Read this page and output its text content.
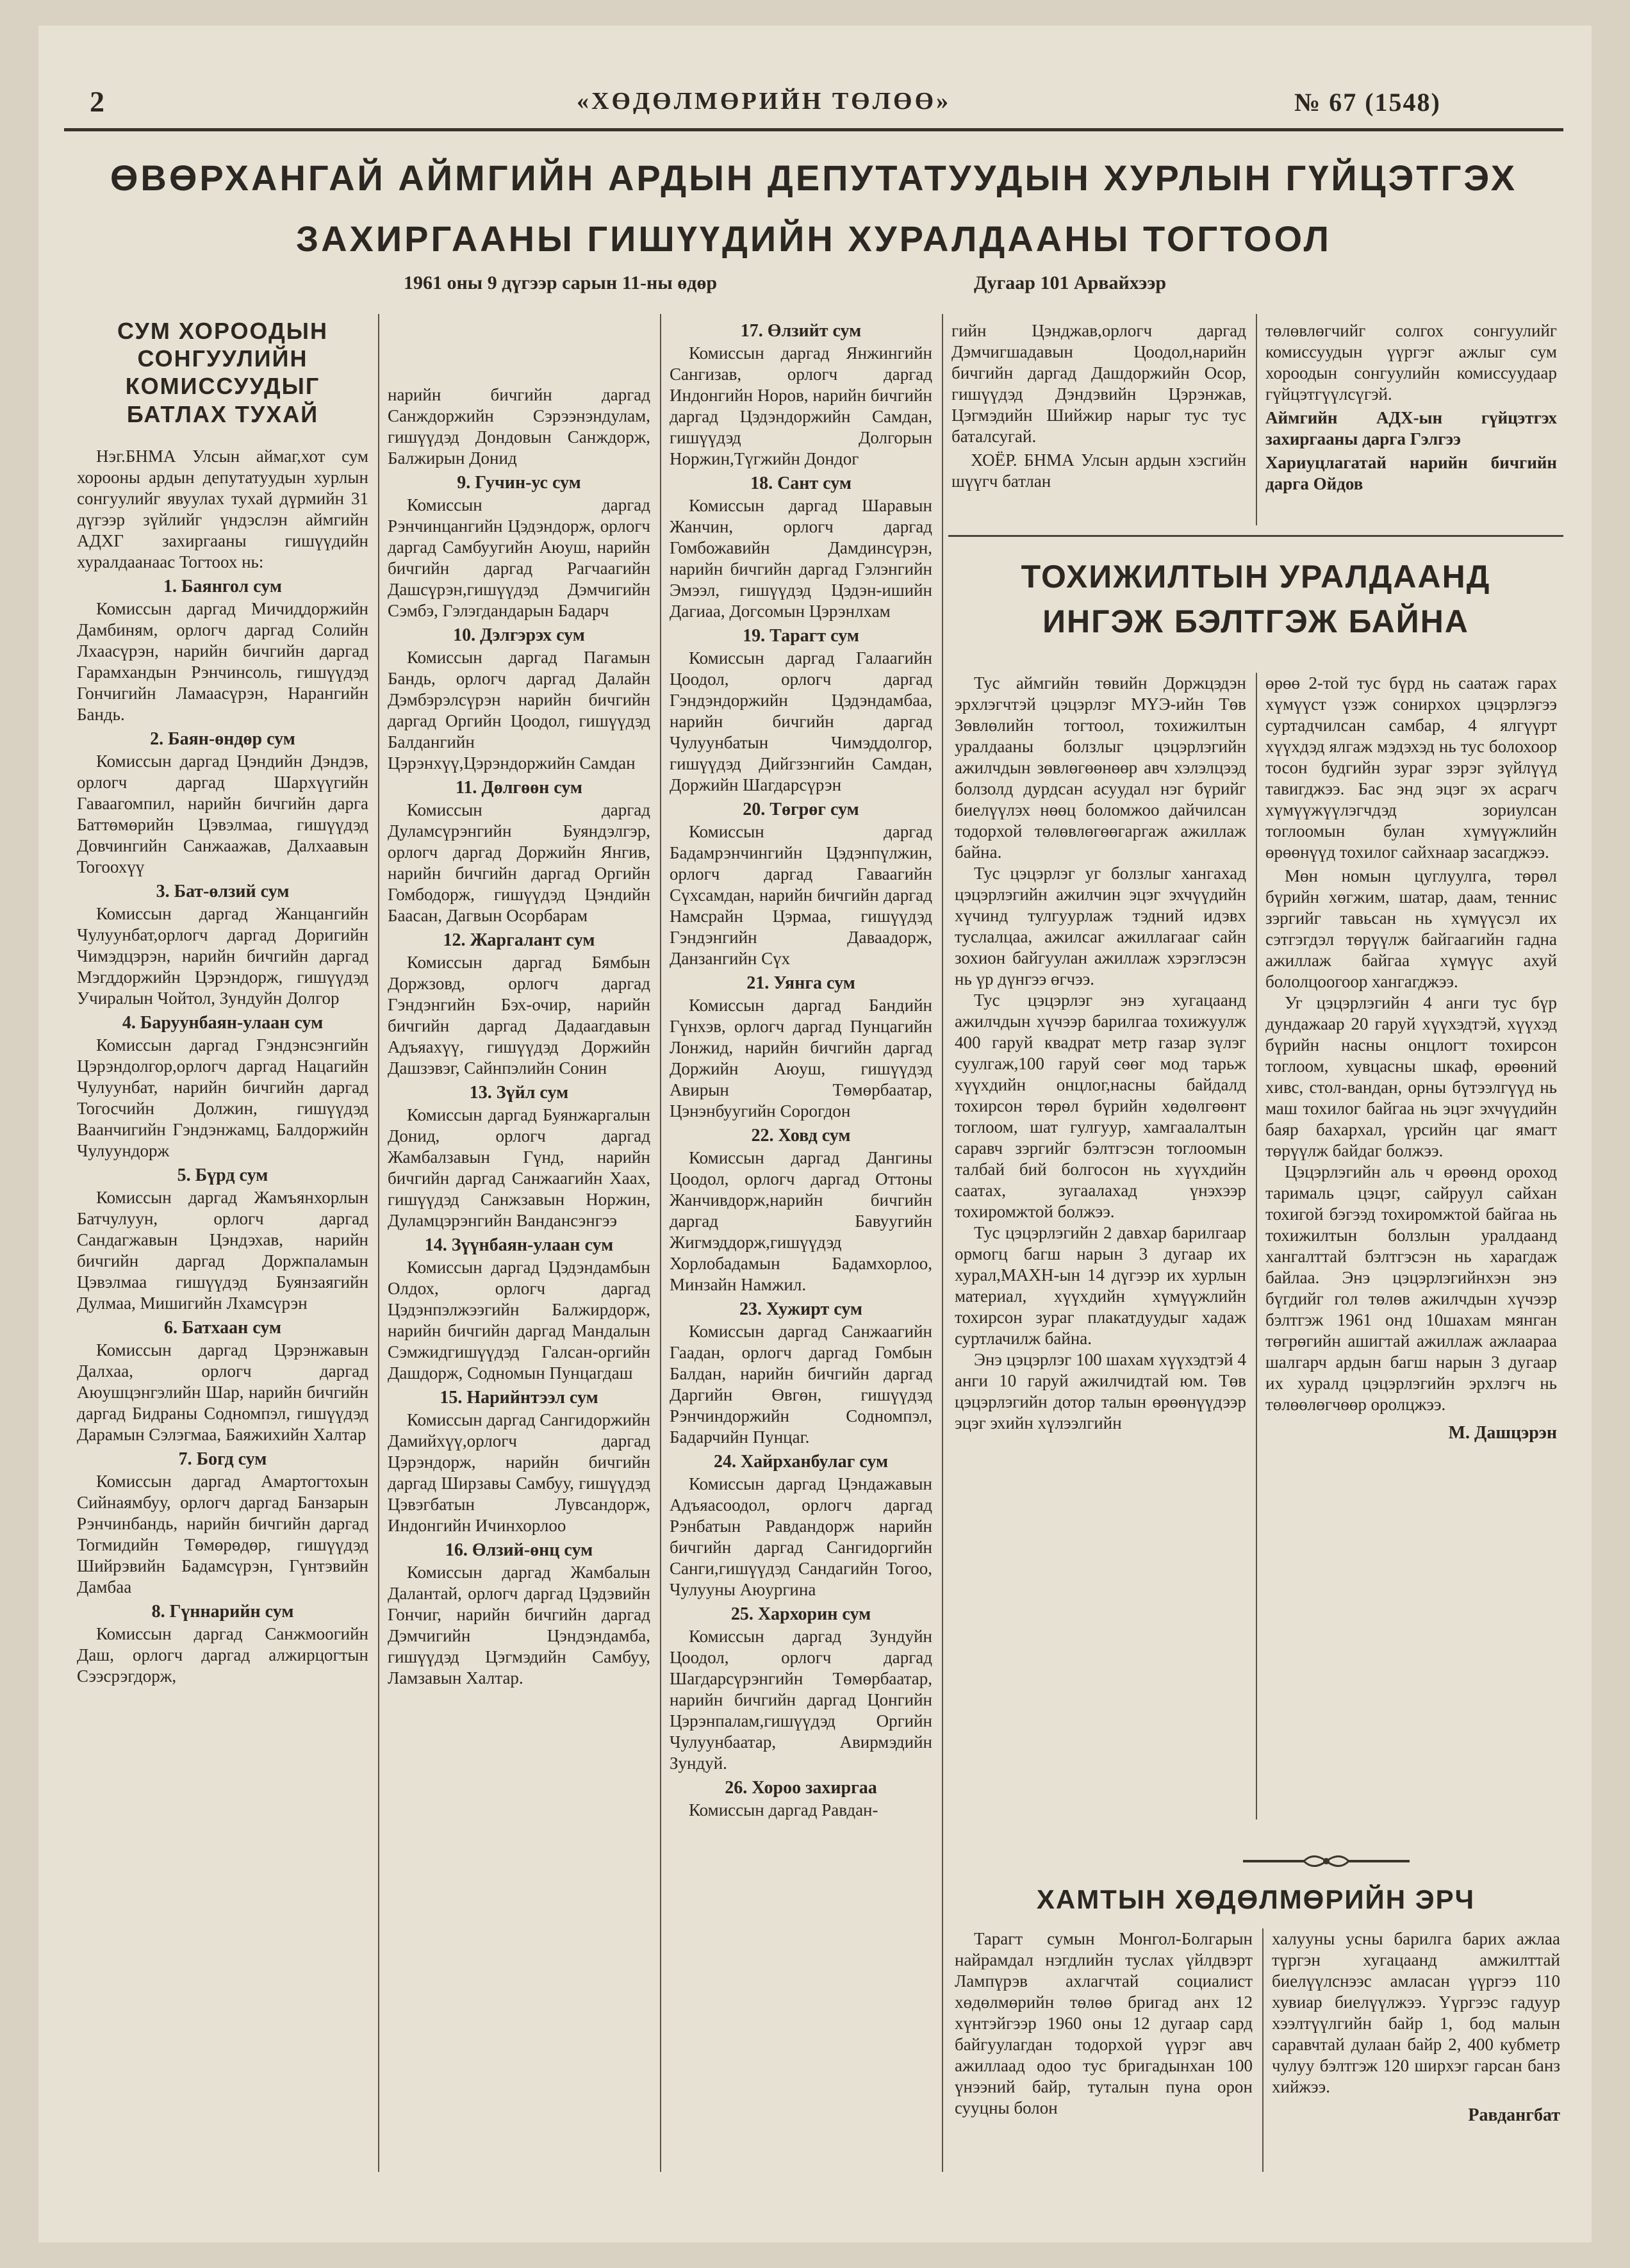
2	«ХӨДӨЛМӨРИЙН ТӨЛӨӨ»	№ 67 (1548)
ӨВӨРХАНГАЙ АЙМГИЙН АРДЫН ДЕПУТАТУУДЫН ХУРЛЫН ГҮЙЦЭТГЭХ
ЗАХИРГААНЫ ГИШҮҮДИЙН ХУРАЛДААНЫ ТОГТООЛ
1961 оны 9 дүгээр сарын 11-ны өдөр	Дугаар 101 Арвайхээр
СУМ ХОРООДЫН СОНГУУЛИЙН КОМИССУУДЫГ БАТЛАХ ТУХАЙ

Нэг.БНМА Улсын аймаг,хот сум хорооны ардын депутатуудын хурлын сонгуулийг явуулах тухай дүрмийн 31 дүгээр зүйлийг үндэслэн аймгийн АДХГ захиргааны гишүүдийн хуралдаанаас Тогтоох нь:

1. Баянгол сум

Комиссын даргад Мичиддоржийн Дамбиням, орлогч даргад Солийн Лхаасүрэн, нарийн бичгийн даргад Гарамхандын Рэнчинсоль, гишүүдэд Гончигийн Ламаасүрэн, Нарангийн Бандь.

2. Баян-өндөр сум

Комиссын даргад Цэндийн Дэндэв, орлогч даргад Шархүүгийн Гаваагомпил, нарийн бичгийн дарга Баттөмөрийн Цэвэлмаа, гишүүдэд Довчингийн Санжаажав, Далхаавын Тогоохүү

3. Бат-өлзий сум

Комиссын даргад Жанцангийн Чулуунбат,орлогч даргад Доригийн Чимэдцэрэн, нарийн бичгийн даргад Мэгддоржийн Цэрэндорж, гишүүдэд Учиралын Чойтол, Зундуйн Долгор

4. Баруунбаян-улаан сум

Комиссын даргад Гэндэнсэнгийн Цэрэндолгор,орлогч даргад Нацагийн Чулуунбат, нарийн бичгийн даргад Тогосчийн Должин, гишүүдэд Ваанчигийн Гэндэнжамц, Балдоржийн Чулуундорж

5. Бүрд сум

Комиссын даргад Жамъянхорлын Батчулуун, орлогч даргад Сандагжавын Цэндэхав, нарийн бичгийн даргад Доржпаламын Цэвэлмаа гишүүдэд Буянзаягийн Дулмаа, Мишигийн Лхамсүрэн

6. Батхаан сум

Комиссын даргад Цэрэнжавын Далхаа, орлогч даргад Аюушцэнгэлийн Шар, нарийн бичгийн даргад Бидраны Содномпэл, гишүүдэд Дарамын Сэлэгмаа, Баяжихийн Халтар

7. Богд сум

Комиссын даргад Амартогтохын Сийнаямбуу, орлогч даргад Банзарын Рэнчинбандь, нарийн бичгийн даргад Тогмидийн Төмөрөдөр, гишүүдэд Шийрэвийн Бадамсүрэн, Гүнтэвийн Дамбаа

8. Гүннарийн сум

Комиссын даргад Санжмоогийн Даш, орлогч даргад алжирцогтын Сээсрэгдорж,

нарийн бичгийн даргад Санждоржийн Сэрээнэндулам, гишүүдэд Дондовын Санждорж, Балжирын Донид

9. Гучин-ус сум

Комиссын даргад Рэнчинцангийн Цэдэндорж, орлогч даргад Самбуугийн Аюуш, нарийн бичгийн даргад Рагчаагийн Дашсүрэн,гишүүдэд Дэмчигийн Сэмбэ, Гэлэгдандарын Бадарч

10. Дэлгэрэх сум

Комиссын даргад Пагамын Бандь, орлогч даргад Далайн Дэмбэрэлсүрэн нарийн бичгийн даргад Оргийн Цоодол, гишүүдэд Балдангийн Цэрэнхүү,Цэрэндоржийн Самдан

11. Дөлгөөн сум

Комиссын даргад Дуламсүрэнгийн Буяндэлгэр, орлогч даргад Доржийн Янгив, нарийн бичгийн даргад Оргийн Гомбодорж, гишүүдэд Цэндийн Баасан, Дагвын Осорбарам

12. Жаргалант сум

Комиссын даргад Бямбын Доржзовд, орлогч даргад Гэндэнгийн Бэх-очир, нарийн бичгийн даргад Дадаагдавын Адъяахүү, гишүүдэд Доржийн Дашзэвэг, Сайнпэлийн Сонин

13. Зүйл сум

Комиссын даргад Буянжаргалын Донид, орлогч даргад Жамбалзавын Гүнд, нарийн бичгийн даргад Санжаагийн Хаах, гишүүдэд Санжзавын Норжин, Дуламцэрэнгийн Вандансэнгээ

14. Зүүнбаян-улаан сум

Комиссын даргад Цэдэндамбын Олдох, орлогч даргад Цэдэнпэлжээгийн Балжирдорж, нарийн бичгийн даргад Мандалын Сэмжидгишүүдэд Галсан-оргийн Дашдорж, Содномын Пунцагдаш

15. Нарийнтээл сум

Комиссын даргад Сангидоржийн Дамийхүү,орлогч даргад Цэрэндорж, нарийн бичгийн даргад Ширзавы Самбуу, гишүүдэд Цэвэгбатын Лувсандорж, Индонгийн Ичинхорлоо

16. Өлзий-өнц сум

Комиссын даргад Жамбалын Далантай, орлогч даргад Цэдэвийн Гончиг, нарийн бичгийн даргад Дэмчигийн Цэндэндамба, гишүүдэд Цэгмэдийн Самбуу, Ламзавын Халтар.

17. Өлзийт сум

Комиссын даргад Янжингийн Сангизав, орлогч даргад Индонгийн Норов, нарийн бичгийн даргад Цэдэндоржийн Самдан, гишүүдэд Долгорын Норжин,Түгжийн Дондог

18. Сант сум

Комиссын даргад Шаравын Жанчин, орлогч даргад Гомбожавийн Дамдинсүрэн, нарийн бичгийн даргад Гэлэнгийн Эмээл, гишүүдэд Цэдэн-ишийн Дагиаа, Догсомын Цэрэнлхам

19. Тарагт сум

Комиссын даргад Галаагийн Цоодол, орлогч даргад Гэндэндоржийн Цэдэндамбаа, нарийн бичгийн даргад Чулуунбатын Чимэддолгор, гишүүдэд Дийгзэнгийн Самдан, Доржийн Шагдарсүрэн

20. Төгрөг сум

Комиссын даргад Бадамрэнчингийн Цэдэнпүлжин, орлогч даргад Гаваагийн Сүхсамдан, нарийн бичгийн даргад Намсрайн Цэрмаа, гишүүдэд Гэндэнгийн Даваадорж, Данзангийн Сүх

21. Уянга сум

Комиссын даргад Бандийн Гүнхэв, орлогч даргад Пунцагийн Лонжид, нарийн бичгийн даргад Доржийн Аюуш, гишүүдэд Авирын Төмөрбаатар, Цэнэнбуугийн Сорогдон

22. Ховд сум

Комиссын даргад Дангины Цоодол, орлогч даргад Оттоны Жанчивдорж,нарийн бичгийн даргад Бавуугийн Жигмэддорж,гишүүдэд Хорлобадамын Бадамхорлоо, Минзайн Намжил.

23. Хужирт сум

Комиссын даргад Санжаагийн Гаадан, орлогч даргад Гомбын Балдан, нарийн бичгийн даргад Даргийн Өвгөн, гишүүдэд Рэнчиндоржийн Содномпэл, Бадарчийн Пунцаг.

24. Хайрханбулаг сум

Комиссын даргад Цэндажавын Адъяасоодол, орлогч даргад Рэнбатын Равдандорж нарийн бичгийн даргад Сангидоргийн Санги,гишүүдэд Сандагийн Тогоо, Чулууны Аюургина

25. Хархорин сум

Комиссын даргад Зундуйн Цоодол, орлогч даргад Шагдарсүрэнгийн Төмөрбаатар, нарийн бичгийн даргад Цонгийн Цэрэнпалам,гишүүдэд Оргийн Чулуунбаатар, Авирмэдийн Зундуй.

26. Хороо захиргаа

Комиссын даргад Равдан-

гийн Цэнджав,орлогч даргад Дэмчигшадавын Цоодол,нарийн бичгийн даргад Дашдоржийн Осор, гишүүдэд Дэндэвийн Цэрэнжав, Цэгмэдийн Шийжир нарыг тус тус баталсугай.

ХОЁР. БНМА Улсын ардын хэсгийн шүүгч батлан

төлөвлөгчийг солгох сонгуулийг комиссуудын үүргэг ажлыг сум хороодын сонгуулийн комиссуудаар гүйцэтгүүлсүгэй.

Аймгийн АДХ-ын гүйцэтгэх захиргааны дарга Гэлгээ

Хариуцлагатай нарийн бичгийн дарга Ойдов

ТОХИЖИЛТЫН УРАЛДААНД
ИНГЭЖ БЭЛТГЭЖ БАЙНА

Тус аймгийн төвийн Доржцэдэн эрхлэгчтэй цэцэрлэг МҮЭ-ийн Төв Зөвлөлийн тогтоол, тохижилтын уралдааны болзлыг цэцэрлэгийн ажилчдын зөвлөгөөнөөр авч хэлэлцээд болзолд дурдсан асуудал нэг бүрийг биелүүлэх нөөц боломжоо дайчилсан тодорхой төлөвлөгөөгаргаж ажиллаж байна.

Тус цэцэрлэг уг болзлыг хангахад цэцэрлэгийн ажилчин эцэг эхчүүдийн хүчинд тулгуурлаж тэдний идэвх туслалцаа, ажилсаг ажиллагааг сайн зохион байгуулан ажиллаж хэрэглэсэн нь үр дүнгээ өгчээ.

Тус цэцэрлэг энэ хугацаанд ажилчдын хүчээр барилгаа тохижуулж 400 гаруй квадрат метр газар зүлэг суулгаж,100 гаруй сөөг мод тарьж хүүхдийн онцлог,насны байдалд тохирсон төрөл бүрийн хөдөлгөөнт тоглоом, шат гулгуур, хамгаалалтын саравч зэргийг бэлтгэсэн тоглоомын талбай бий болгосон нь хүүхдийн саатах, зугаалахад үнэхээр тохиромжтой болжээ.

Тус цэцэрлэгийн 2 давхар барилгаар ормогц багш нарын 3 дугаар их хурал,МАХН-ын 14 дүгээр их хурлын материал, хүүхдийн хүмүүжлийн тохирсон зураг плакатдуудыг хадаж суртлачилж байна.

Энэ цэцэрлэг 100 шахам хүүхэдтэй 4 анги 10 гаруй ажилчидтай юм. Төв цэцэрлэгийн дотор талын өрөөнүүдээр эцэг эхийн хүлээлгийн

өрөө 2-той тус бүрд нь саатаж гарах хүмүүст үзэж сонирхох цэцэрлэгээ суртадчилсан самбар, 4 ялгүүрт хүүхдэд ялгаж мэдэхэд нь тус болохоор тосон будгийн зураг зэрэг зүйлүүд тавигджээ. Бас энд эцэг эх асрагч хүмүүжүүлэгчдэд зориулсан тоглоомын булан хүмүүжлийн өрөөнүүд тохилог сайхнаар засагджээ.

Мөн номын цуглуулга, төрөл бүрийн хөгжим, шатар, даам, теннис зэргийг тавьсан нь хүмүүсэл их сэтгэгдэл төрүүлж байгаагийн гадна ажиллаж байгаа хүмүүс ахуй бололцоогоор хангагджээ.

Уг цэцэрлэгийн 4 анги тус бүр дундажаар 20 гаруй хүүхэдтэй, хүүхэд бүрийн насны онцлогт тохирсон тоглоом, хувцасны шкаф, өрөөний хивс, стол-вандан, орны бүтээлгүүд нь маш тохилог байгаа нь эцэг эхчүүдийн баяр бахархал, үрсийн цаг ямагт төрүүлж байдаг болжээ.

Цэцэрлэгийн аль ч өрөөнд ороход тарималь цэцэг, сайруул сайхан тохигой бэгээд тохиромжтой байгаа нь тохижилтын болзлын уралдаанд хангалттай бэлтгэсэн нь харагдаж байлаа. Энэ цэцэрлэгийнхэн энэ бүгдийг гол төлөв ажилчдын хүчээр бэлтгэж 1961 онд 10шахам мянган төгрөгийн ашигтай ажиллаж ажлаараа шалгарч ардын багш нарын 3 дугаар их хуралд цэцэрлэгийн эрхлэгч нь төлөөлөгчөөр оролцжээ.

М. Дашцэрэн
ХАМТЫН ХӨДӨЛМӨРИЙН ЭРЧ

Тарагт сумын Монгол-Болгарын найрамдал нэгдлийн туслах үйлдвэрт Лампүрэв ахлагчтай социалист хөдөлмөрийн төлөө бригад анх 12 хүнтэйгээр 1960 оны 12 дугаар сард байгуулагдан тодорхой үүрэг авч ажиллаад одоо тус бригадынхан 100 үнээний байр, туталын пуна орон сууцны болон

халууны усны барилга барих ажлаа түргэн хугацаанд амжилттай биелүүлснээс амласан үүргээ 110 хувиар биелүүлжээ. Үүргээс гадуур хээлтүүлгийн байр 1, бод малын саравчтай дулаан байр 2, 400 кубметр чулуу бэлтгэж 120 ширхэг гарсан банз хийжээ.

Равдангбат
